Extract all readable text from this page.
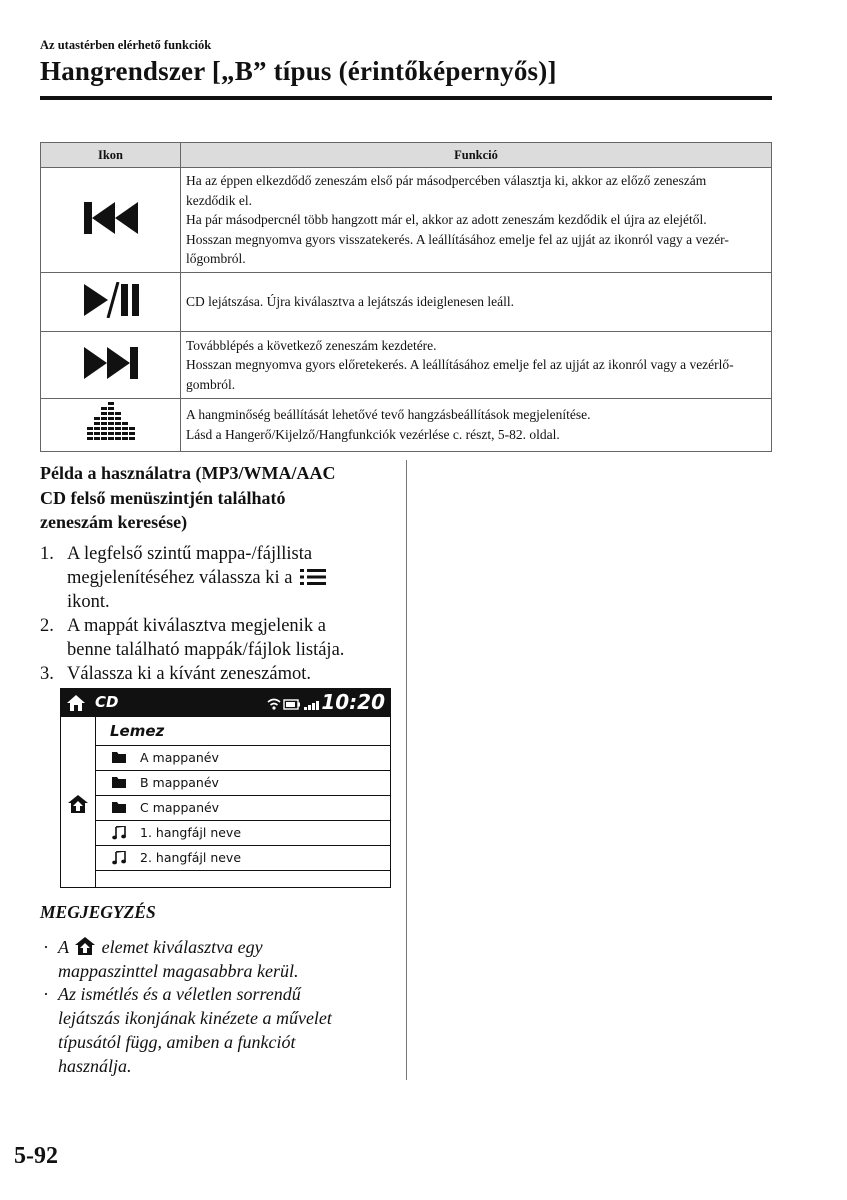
Az utastérben elérhető funkciók
Hangrendszer [„B” típus (érintőképernyős)]
Ikon	Funkció

Ha az éppen elkezdődő zeneszám első pár másodpercében választja ki, akkor az előző zeneszám
kezdődik el.
Ha pár másodpercnél több hangzott már el, akkor az adott zeneszám kezdődik el újra az elejétől.
Hosszan megnyomva gyors visszatekerés. A leállításához emelje fel az ujját az ikonról vagy a vezér-
lőgombról.

CD lejátszása. Újra kiválasztva a lejátszás ideiglenesen leáll.

Továbblépés a következő zeneszám kezdetére.
Hosszan megnyomva gyors előretekerés. A leállításához emelje fel az ujját az ikonról vagy a vezérlő-
gombról.

A hangminőség beállítását lehetővé tevő hangzásbeállítások megjelenítése.
Lásd a Hangerő/Kijelző/Hangfunkciók vezérlése c. részt, 5-82. oldal.
Példa a használatra (MP3/WMA/AAC
CD felső menüszintjén található
zeneszám keresése)
1. A legfelső szintű mappa-/fájllista
megjelenítéséhez válassza ki a
ikont.
2. A mappát kiválasztva megjelenik a
benne található mappák/fájlok listája.
3. Válassza ki a kívánt zeneszámot.
CD	10:20
Lemez
A mappanév
B mappanév
C mappanév
1. hangfájl neve
2. hangfájl neve
MEGJEGYZÉS
· A elemet kiválasztva egy
mappaszinttel magasabbra kerül.
· Az ismétlés és a véletlen sorrendű
lejátszás ikonjának kinézete a művelet
típusától függ, amiben a funkciót
használja.
5-92
